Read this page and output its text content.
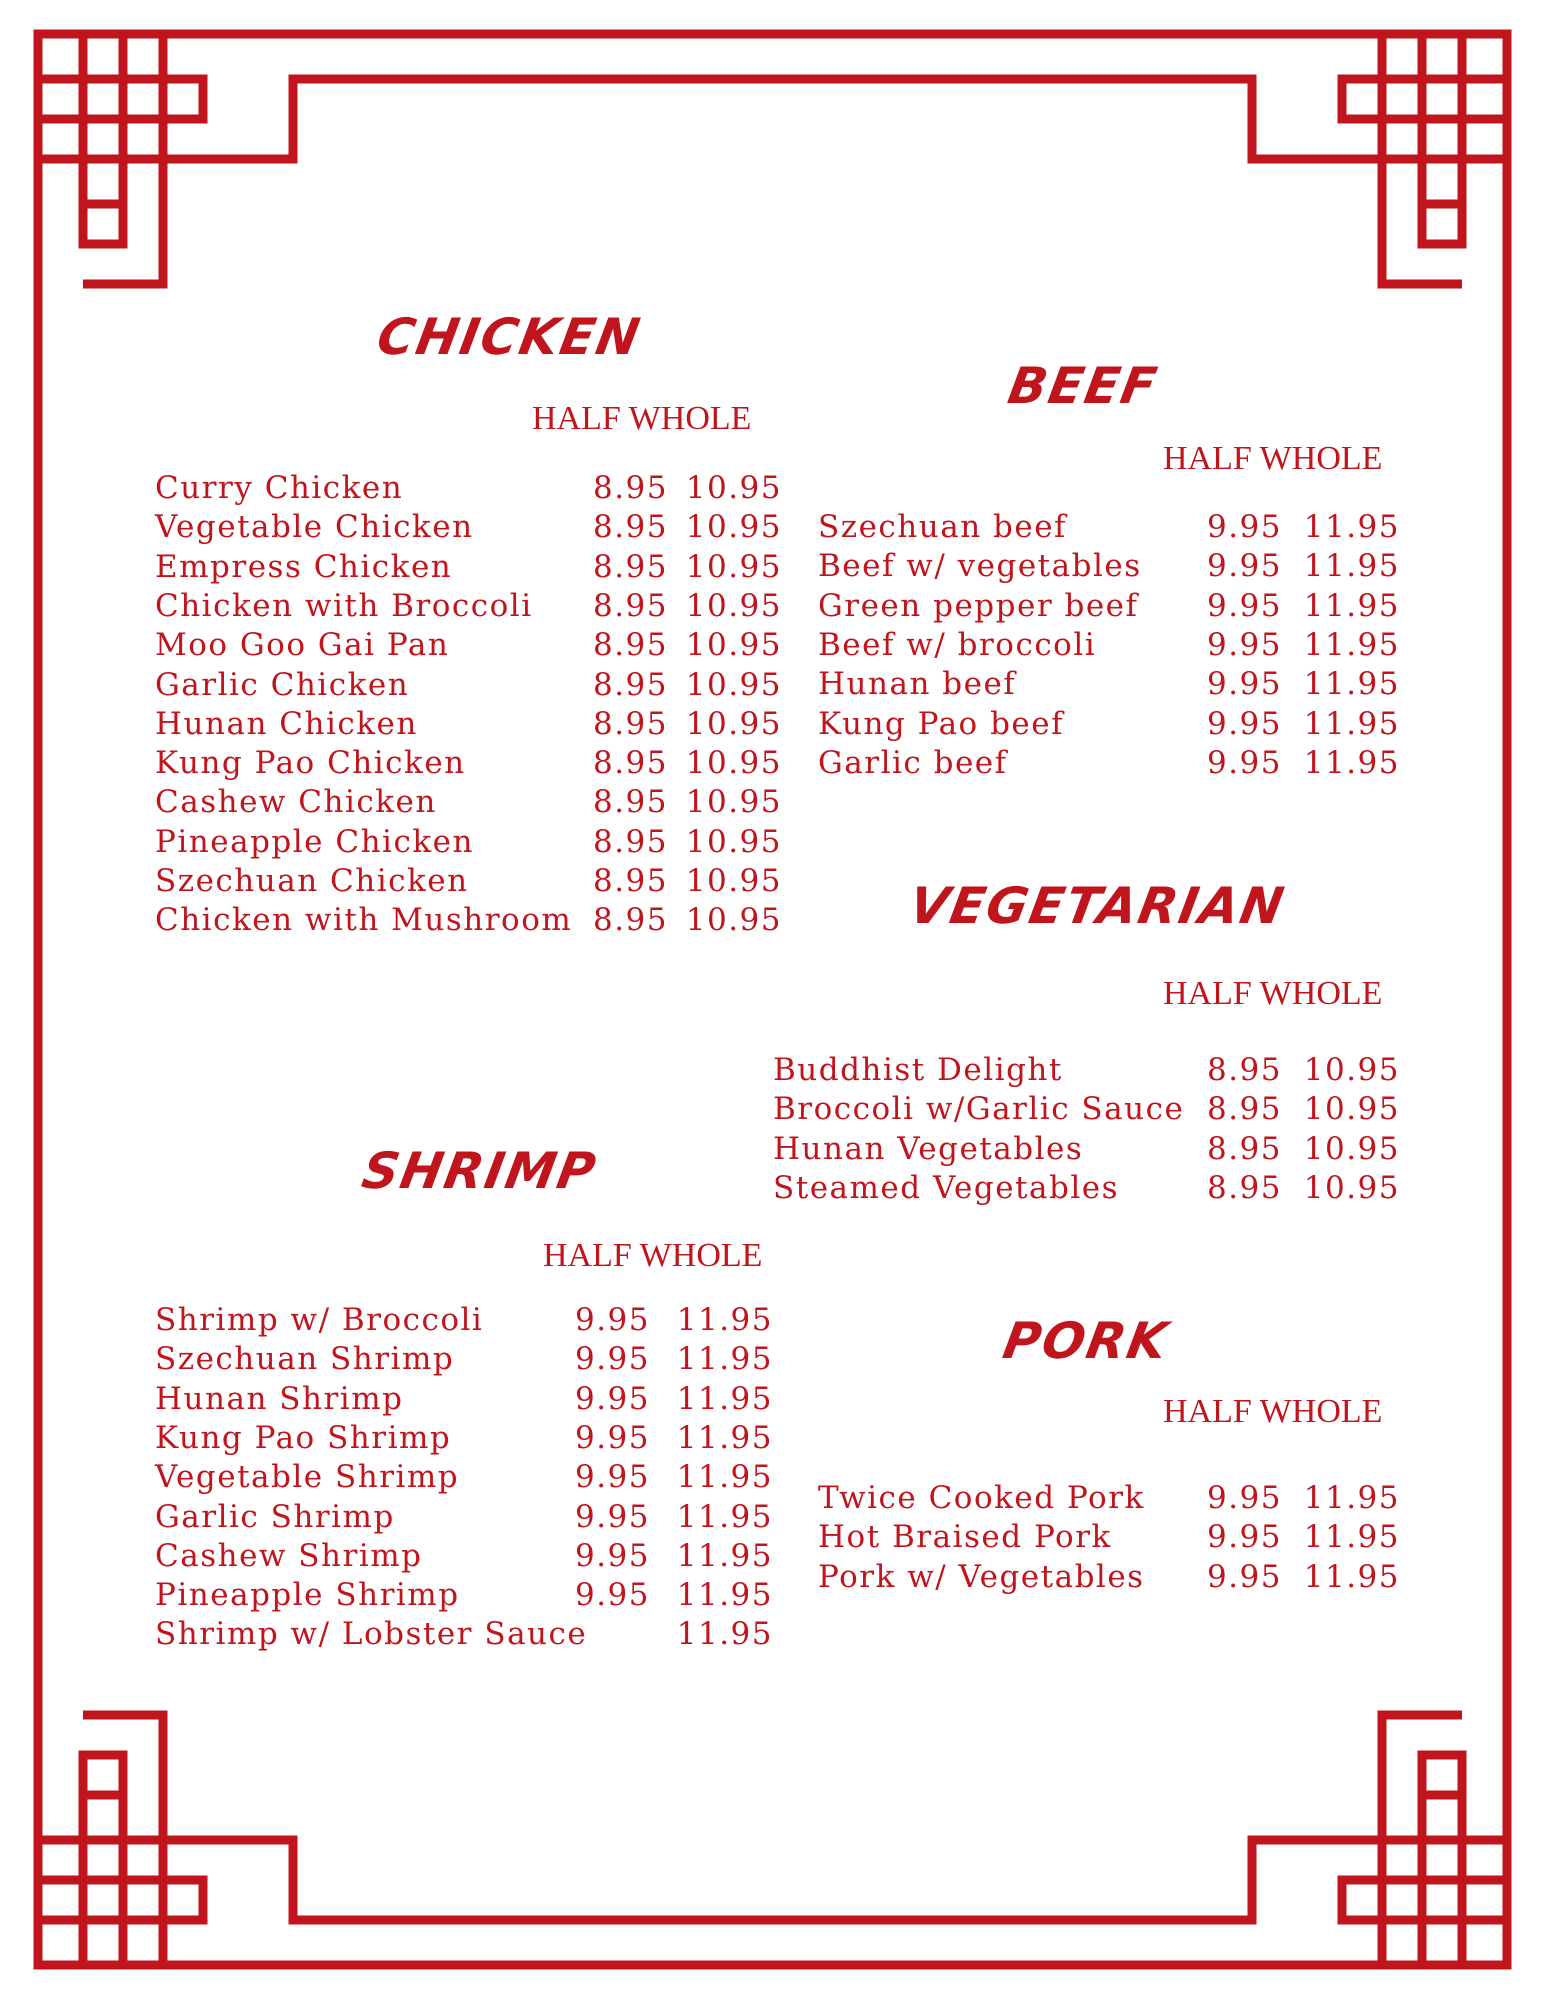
CHICKEN
HALF WHOLE
Curry Chicken	8.95 10.95
Vegetable Chicken	8.95 10.95
Empress Chicken	8.95 10.95
Chicken with Broccoli 8.95 10.95
Moo Goo Gai Pan	8.95 10.95
Garlic Chicken	8.95 10.95
Hunan Chicken	8.95 10.95
Kung Pao Chicken	8.95 10.95
Cashew Chicken	8.95 10.95
Pineapple Chicken	8.95 10.95
Szechuan Chicken	8.95 10.95
Chicken with Mushroom 8.95 10.95
BEEF
HALF WHOLE
Szechuan beef	9.95 11.95
Beef w/ vegetables 9.95 11.95
Green pepper beef 9.95 11.95
Beef w/ broccoli	9.95 11.95
Hunan beef	9.95 11.95
Kung Pao beef	9.95 11.95
Garlic beef	9.95 11.95
VEGETARIAN
HALF WHOLE
Buddhist Delight	8.95 10.95
Broccoli w/Garlic Sauce 8.95 10.95
Hunan Vegetables	8.95 10.95
Steamed Vegetables	8.95 10.95
SHRIMP
HALF WHOLE
Shrimp w/ Broccoli	9.95 11.95
Szechuan Shrimp	9.95 11.95
Hunan Shrimp	9.95 11.95
Kung Pao Shrimp	9.95 11.95
Vegetable Shrimp	9.95 11.95
Garlic Shrimp	9.95 11.95
Cashew Shrimp	9.95 11.95
Pineapple Shrimp	9.95 11.95
Shrimp w/ Lobster Sauce	11.95
PORK
HALF WHOLE
Twice Cooked Pork 9.95 11.95
Hot Braised Pork	9.95 11.95
Pork w/ Vegetables 9.95 11.95
